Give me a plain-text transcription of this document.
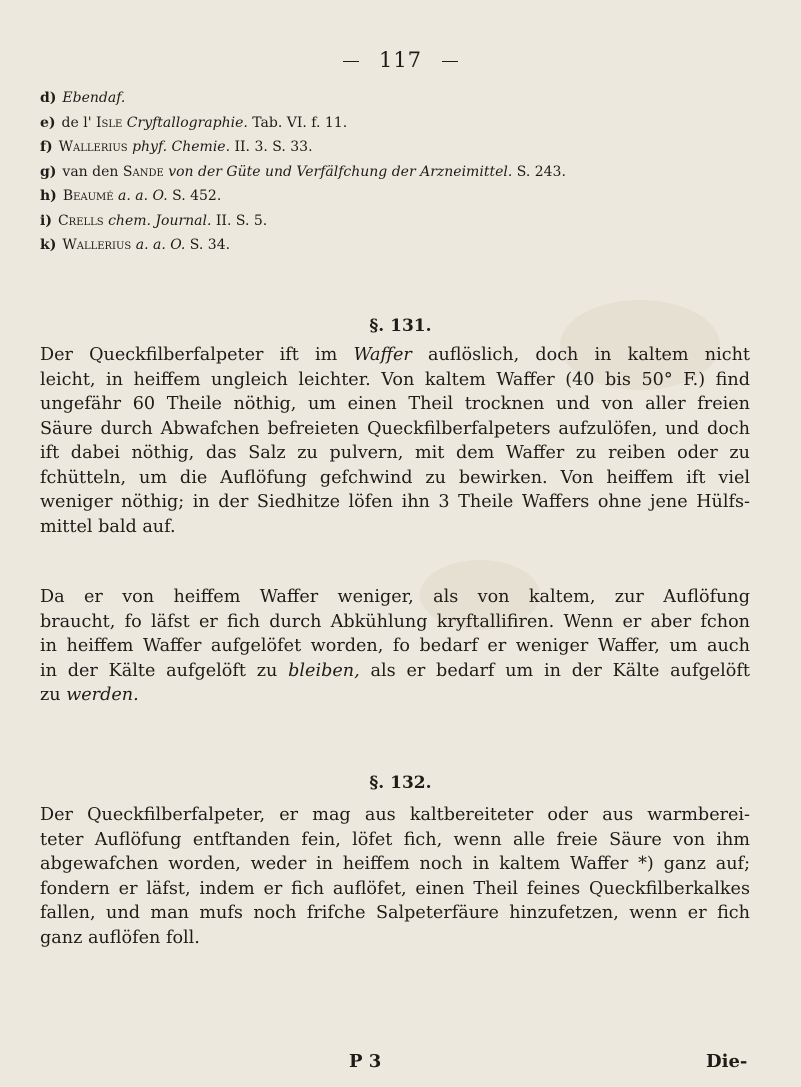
117
d) Ebendaf.
e) de l' Isle Cryftallographie. Tab. VI. f. 11.
f) Wallerius phyf. Chemie. II. 3. S. 33.
g) van den Sande von der Güte und Verfälfchung der Arzneimittel. S. 243.
h) Beaumé a. a. O. S. 452.
i) Crells chem. Journal. II. S. 5.
k) Wallerius a. a. O. S. 34.
§. 131.
Der Queckfilberfalpeter ift im Waffer auflöslich, doch in kaltem nicht
leicht, in heiffem ungleich leichter. Von kaltem Waffer (40 bis 50° F.) find
ungefähr 60 Theile nöthig, um einen Theil trocknen und von aller freien
Säure durch Abwafchen befreieten Queckfilberfalpeters aufzulöfen, und doch
ift dabei nöthig, das Salz zu pulvern, mit dem Waffer zu reiben oder zu
fchütteln, um die Auflöfung gefchwind zu bewirken. Von heiffem ift viel
weniger nöthig; in der Siedhitze löfen ihn 3 Theile Waffers ohne jene Hülfs-
mittel bald auf.
Da er von heiffem Waffer weniger, als von kaltem, zur Auflöfung
braucht, fo läfst er fich durch Abkühlung kryftallifiren. Wenn er aber fchon
in heiffem Waffer aufgelöfet worden, fo bedarf er weniger Waffer, um auch
in der Kälte aufgelöft zu bleiben, als er bedarf um in der Kälte aufgelöft
zu werden.
§. 132.
Der Queckfilberfalpeter, er mag aus kaltbereiteter oder aus warmberei-
teter Auflöfung entftanden fein, löfet fich, wenn alle freie Säure von ihm
abgewafchen worden, weder in heiffem noch in kaltem Waffer *) ganz auf;
fondern er läfst, indem er fich auflöfet, einen Theil feines Queckfilberkalkes
fallen, und man mufs noch frifche Salpeterfäure hinzufetzen, wenn er fich
ganz auflöfen foll.
P 3	Die-
